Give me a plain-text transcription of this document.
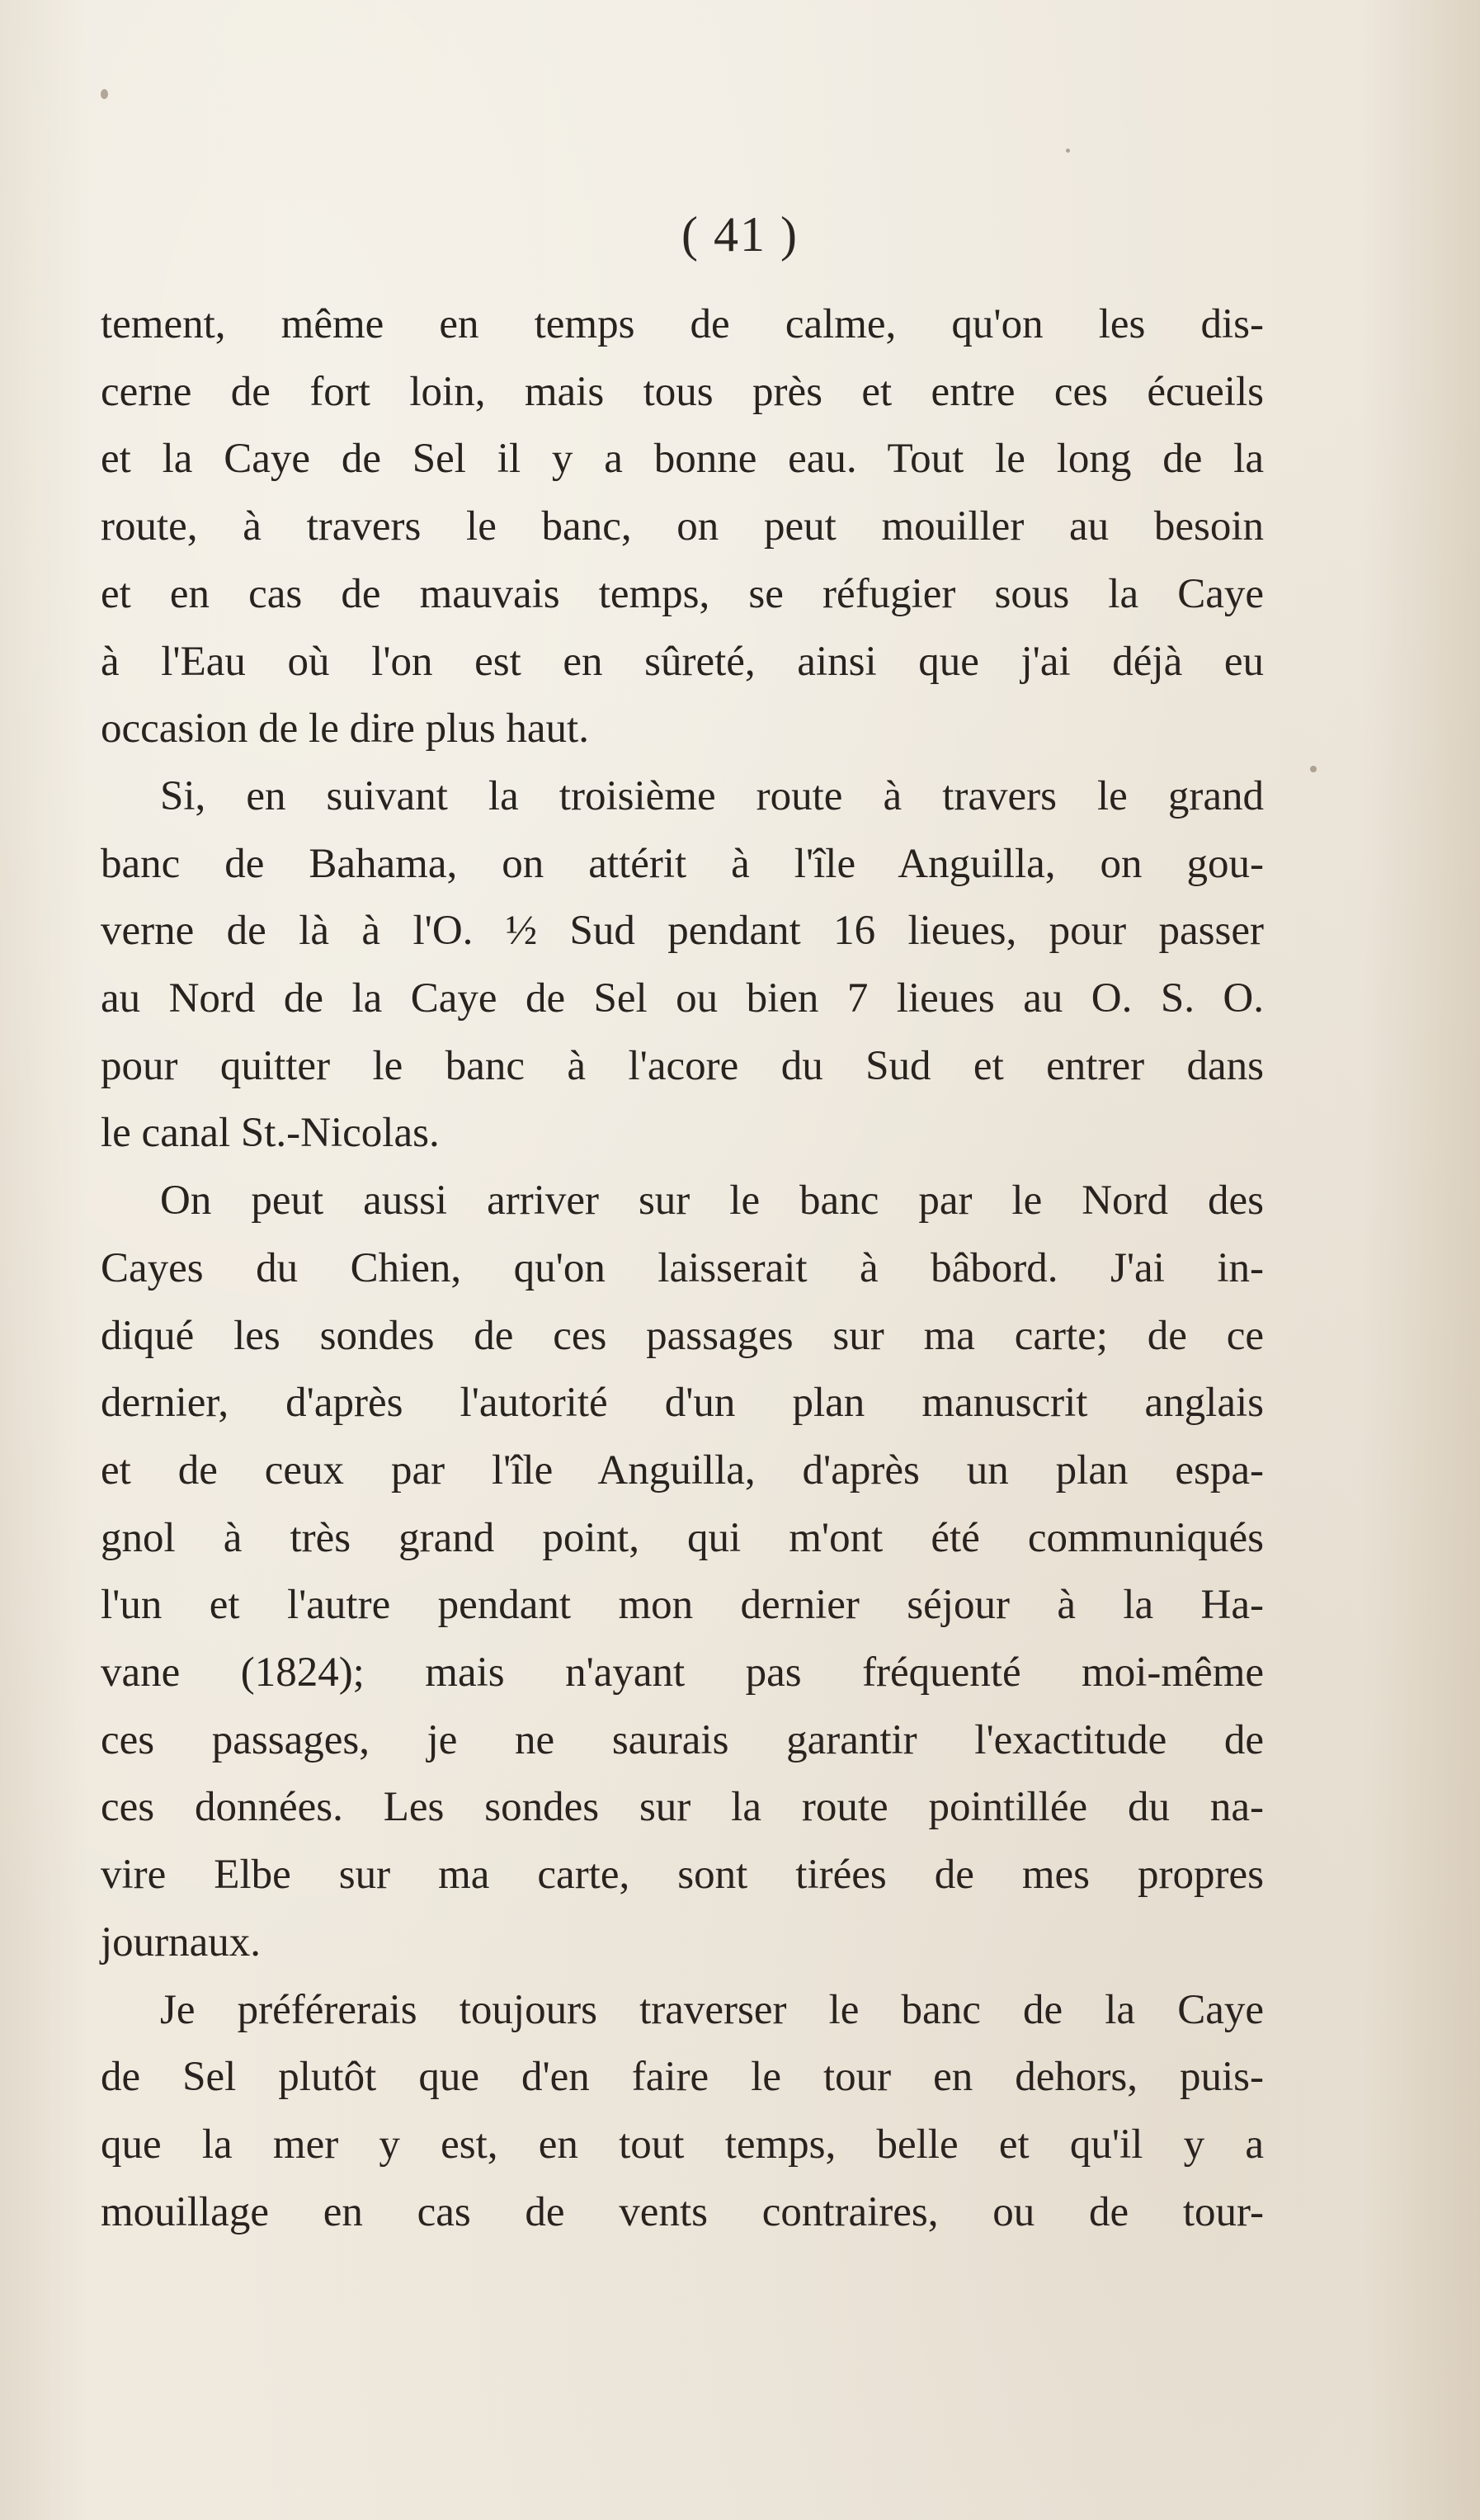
( 41 )
tement, même en temps de calme, qu'on les dis-
cerne de fort loin, mais tous près et entre ces écueils
et la Caye de Sel il y a bonne eau. Tout le long de la
route, à travers le banc, on peut mouiller au besoin
et en cas de mauvais temps, se réfugier sous la Caye
à l'Eau où l'on est en sûreté, ainsi que j'ai déjà eu
occasion de le dire plus haut.
Si, en suivant la troisième route à travers le grand
banc de Bahama, on attérit à l'île Anguilla, on gou-
verne de là à l'O. ½ Sud pendant 16 lieues, pour passer
au Nord de la Caye de Sel ou bien 7 lieues au O. S. O.
pour quitter le banc à l'acore du Sud et entrer dans
le canal St.-Nicolas.
On peut aussi arriver sur le banc par le Nord des
Cayes du Chien, qu'on laisserait à bâbord. J'ai in-
diqué les sondes de ces passages sur ma carte; de ce
dernier, d'après l'autorité d'un plan manuscrit anglais
et de ceux par l'île Anguilla, d'après un plan espa-
gnol à très grand point, qui m'ont été communiqués
l'un et l'autre pendant mon dernier séjour à la Ha-
vane (1824); mais n'ayant pas fréquenté moi-même
ces passages, je ne saurais garantir l'exactitude de
ces données. Les sondes sur la route pointillée du na-
vire Elbe sur ma carte, sont tirées de mes propres
journaux.
Je préférerais toujours traverser le banc de la Caye
de Sel plutôt que d'en faire le tour en dehors, puis-
que la mer y est, en tout temps, belle et qu'il y a
mouillage en cas de vents contraires, ou de tour-
